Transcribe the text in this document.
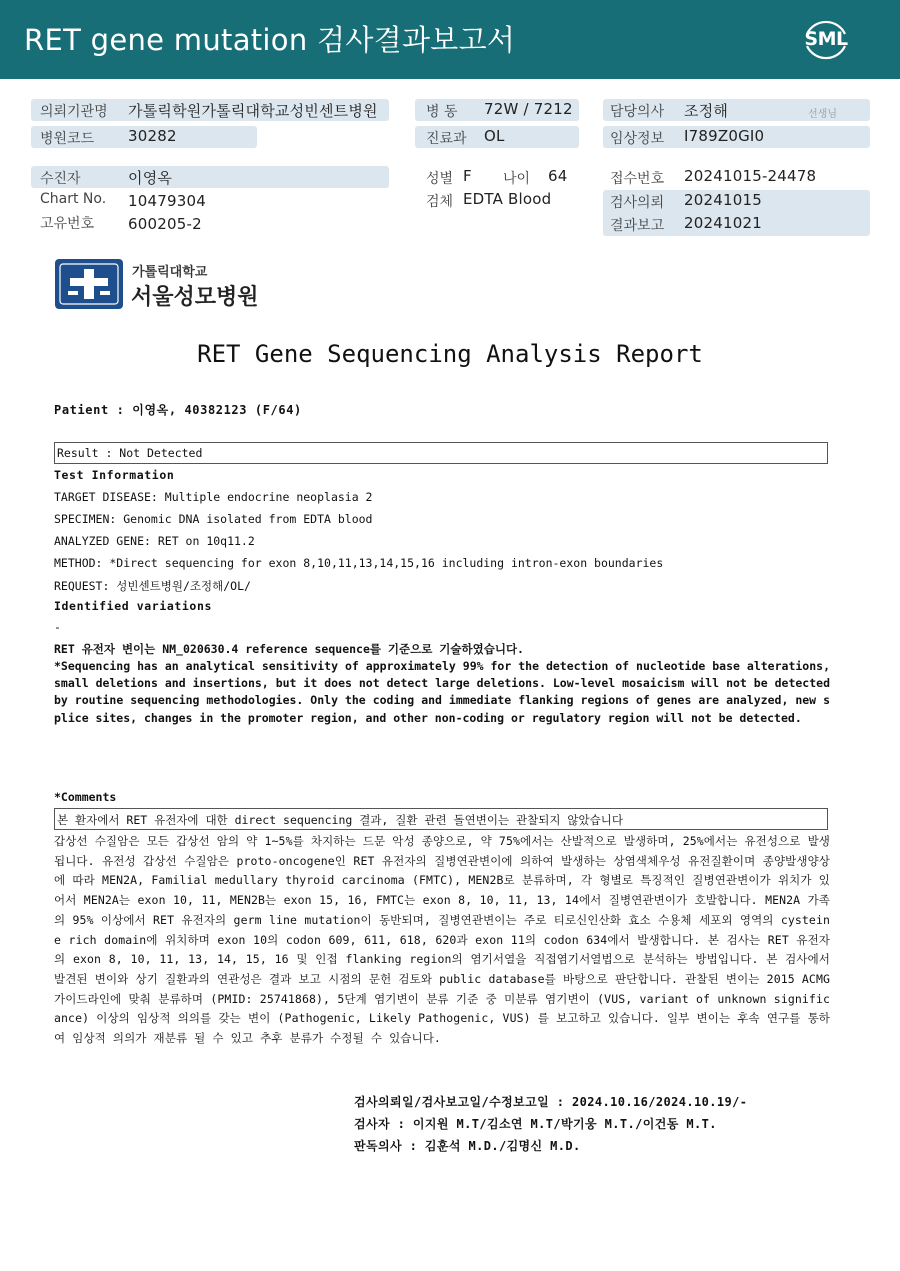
RET gene mutation 검사결과보고서	SML
의뢰기관명 가톨릭학원가톨릭대학교성빈센트병원
병원코드 30282
병 동 72W / 7212
진료과 OL
담당의사 조정해	선생님
임상정보 I789Z0GI0
수진자	이영옥
Chart No. 10479304
고유번호 600205-2
성별 F 나이 64
검체 EDTA Blood
접수번호 20241015-24478
검사의뢰 20241015
결과보고 20241021
가톨릭대학교
서울성모병원
RET Gene Sequencing Analysis Report
Patient : 이영옥, 40382123 (F/64)
Result : Not Detected
Test Information
TARGET DISEASE: Multiple endocrine neoplasia 2
SPECIMEN: Genomic DNA isolated from EDTA blood
ANALYZED GENE: RET on 10q11.2
METHOD: *Direct sequencing for exon 8,10,11,13,14,15,16 including intron-exon boundaries
REQUEST: 성빈센트병원/조정해/OL/
Identified variations
-
RET 유전자 변이는 NM_020630.4 reference sequence를 기준으로 기술하였습니다.
*Sequencing has an analytical sensitivity of approximately 99% for the detection of nucleotide base alterations, small deletions and insertions, but it does not detect large deletions. Low-level mosaicism will not be detected by routine sequencing methodologies. Only the coding and immediate flanking regions of genes are analyzed, new splice sites, changes in the promoter region, and other non-coding or regulatory region will not be detected.
*Comments
본 환자에서 RET 유전자에 대한 direct sequencing 결과, 질환 관련 돌연변이는 관찰되지 않았습니다
갑상선 수질암은 모든 갑상선 암의 약 1~5%를 차지하는 드문 악성 종양으로, 약 75%에서는 산발적으로 발생하며, 25%에서는 유전성으로 발생됩니다. 유전성 갑상선 수질암은 proto-oncogene인 RET 유전자의 질병연관변이에 의하여 발생하는 상염색체우성 유전질환이며 종양발생양상에 따라 MEN2A, Familial medullary thyroid carcinoma (FMTC), MEN2B로 분류하며, 각 형별로 특징적인 질병연관변이가 위치가 있어서 MEN2A는 exon 10, 11, MEN2B는 exon 15, 16, FMTC는 exon 8, 10, 11, 13, 14에서 질병연관변이가 호발합니다. MEN2A 가족의 95% 이상에서 RET 유전자의 germ line mutation이 동반되며, 질병연관변이는 주로 티로신인산화 효소 수용체 세포외 영역의 cysteine rich domain에 위치하며 exon 10의 codon 609, 611, 618, 620과 exon 11의 codon 634에서 발생합니다. 본 검사는 RET 유전자의 exon 8, 10, 11, 13, 14, 15, 16 및 인접 flanking region의 염기서열을 직접염기서열법으로 분석하는 방법입니다. 본 검사에서 발견된 변이와 상기 질환과의 연관성은 결과 보고 시점의 문헌 검토와 public database를 바탕으로 판단합니다. 관찰된 변이는 2015 ACMG 가이드라인에 맞춰 분류하며 (PMID: 25741868), 5단계 염기변이 분류 기준 중 미분류 염기변이 (VUS, variant of unknown significance) 이상의 임상적 의의를 갖는 변이 (Pathogenic, Likely Pathogenic, VUS) 를 보고하고 있습니다. 일부 변이는 후속 연구를 통하여 임상적 의의가 재분류 될 수 있고 추후 분류가 수정될 수 있습니다.
검사의뢰일/검사보고일/수정보고일 : 2024.10.16/2024.10.19/-
검사자 : 이지원 M.T/김소연 M.T/박기웅 M.T./이건동 M.T.
판독의사 : 김훈석 M.D./김명신 M.D.
